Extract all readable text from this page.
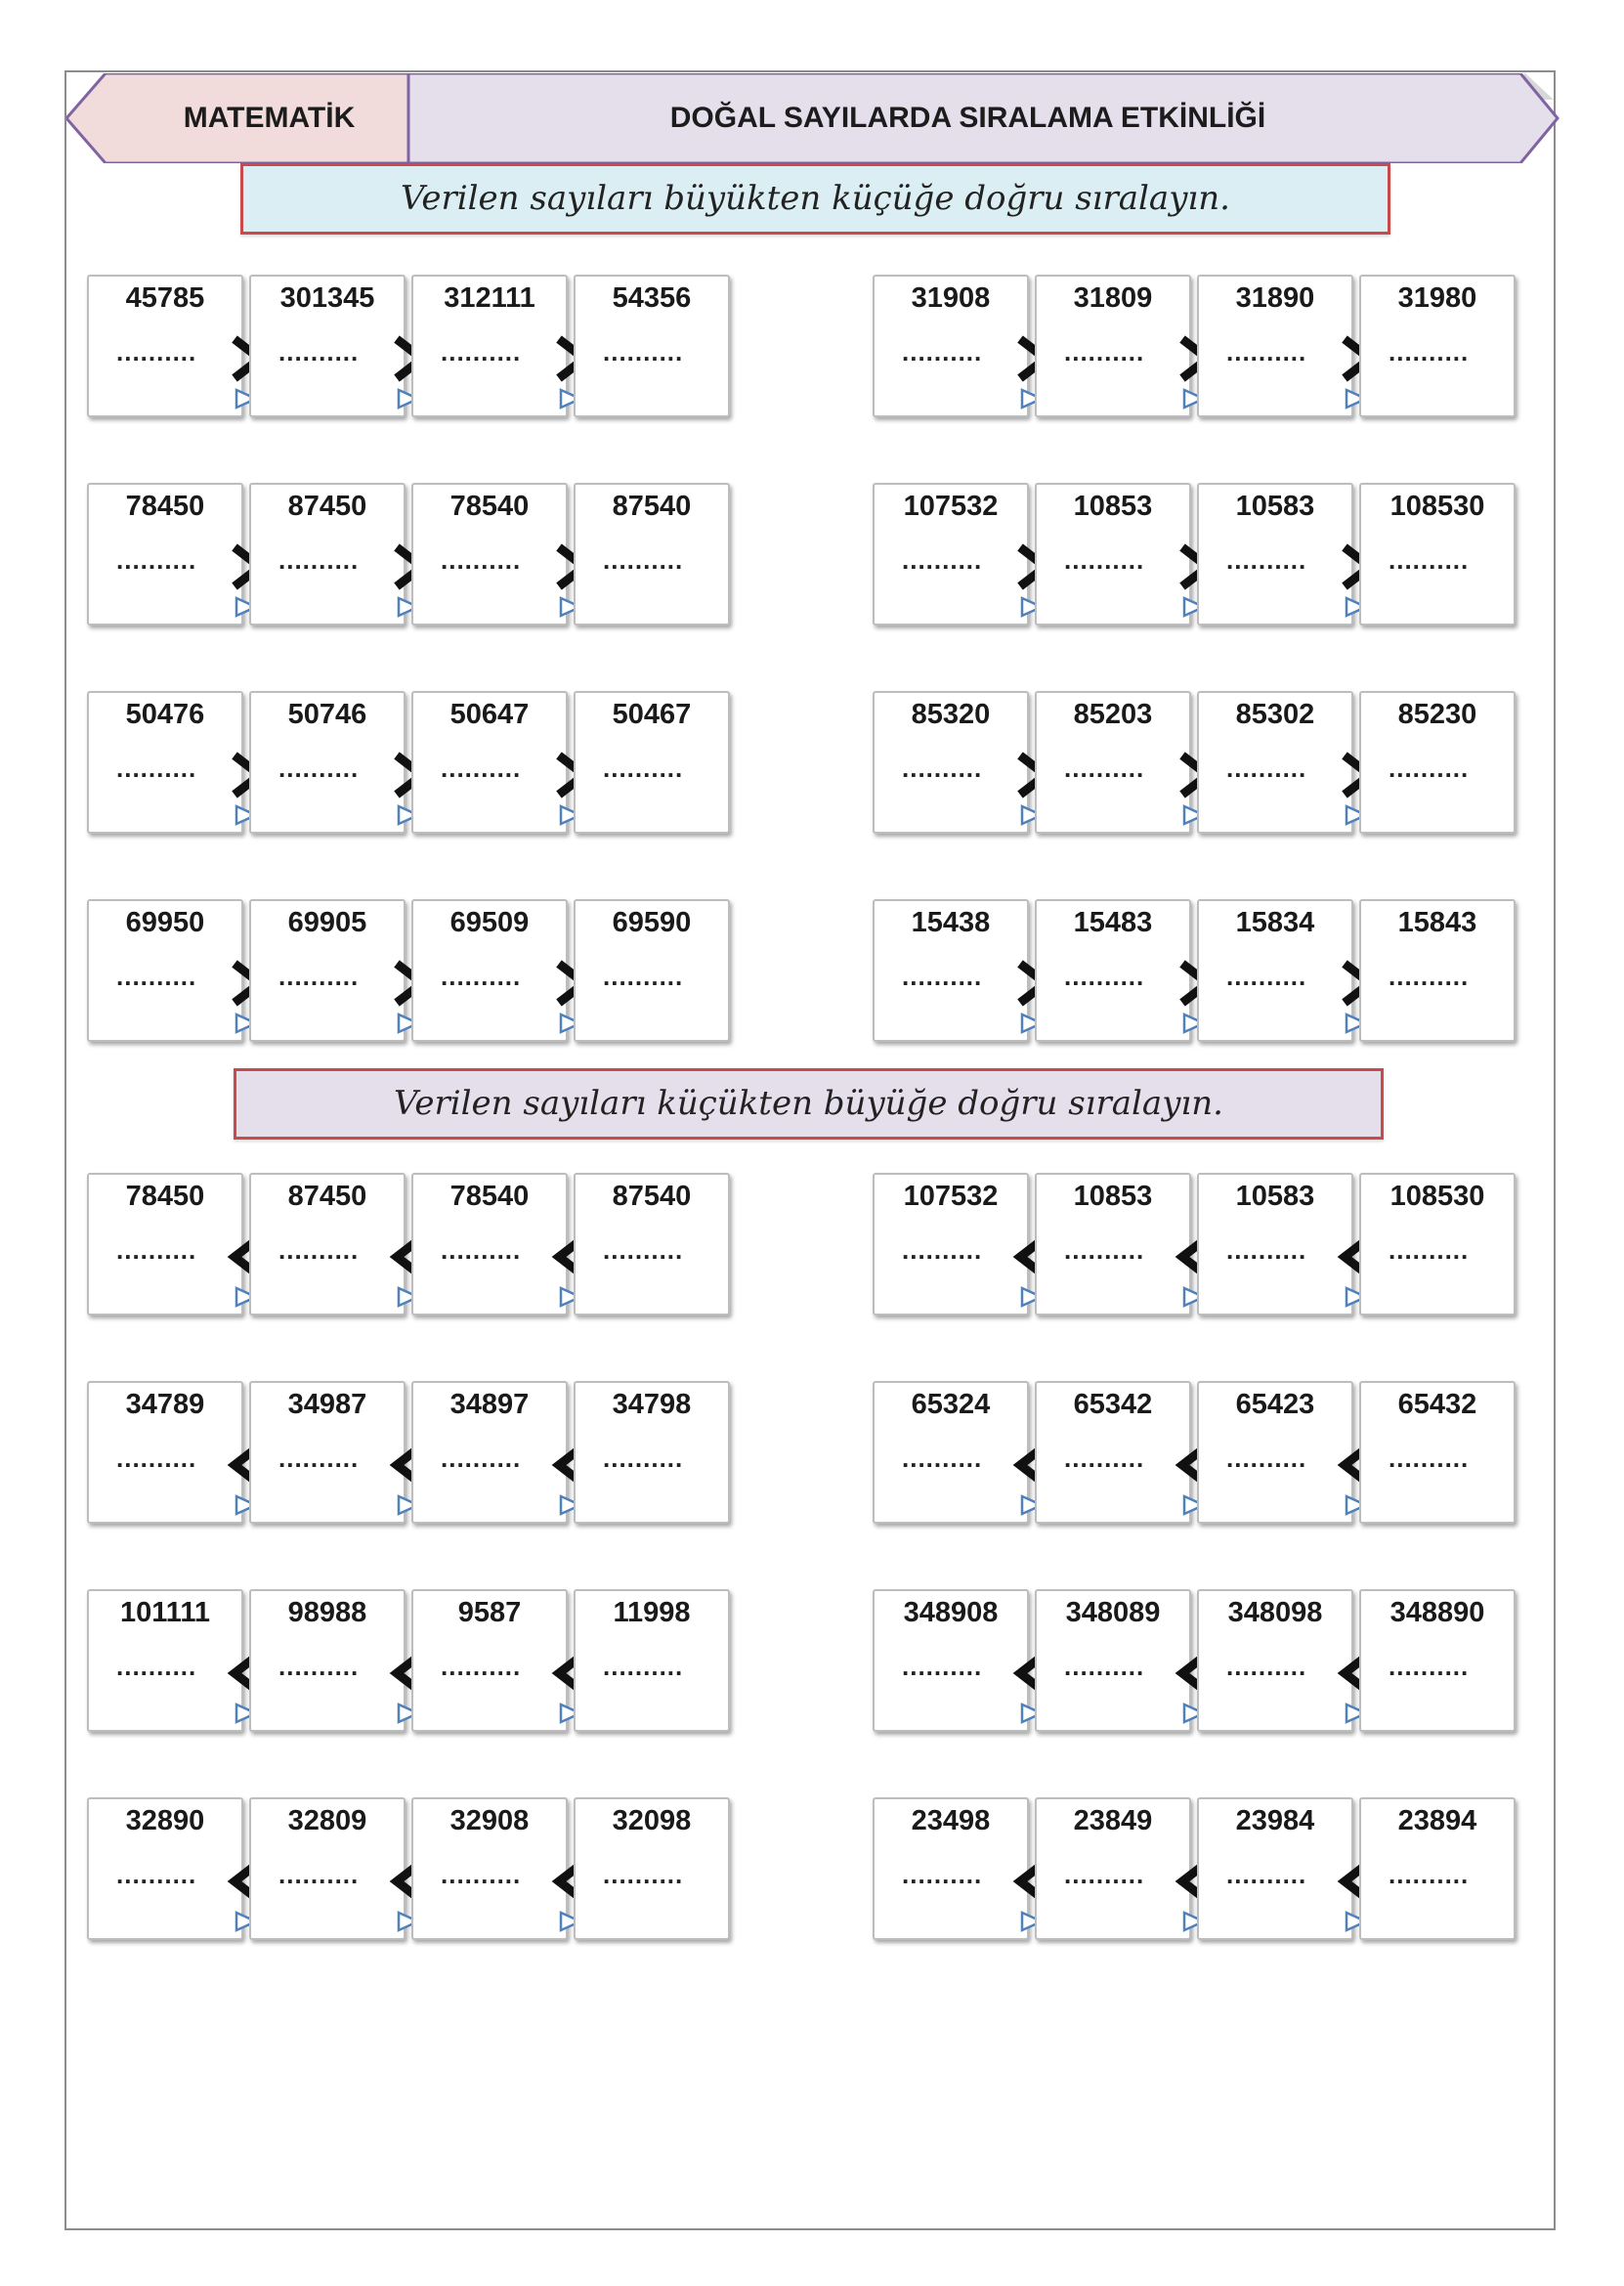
MATEMATİK	DOĞAL SAYILARDA SIRALAMA ETKİNLİĞİ
Verilen sayıları büyükten küçüğe doğru sıralayın.
Verilen sayıları küçükten büyüğe doğru sıralayın.
45785
..........
301345
..........
312111
..........
54356
..........
31908
..........
31809
..........
31890
..........
31980
..........
78450
..........
87450
..........
78540
..........
87540
..........
107532
..........
10853
..........
10583
..........
108530
..........
50476
..........
50746
..........
50647
..........
50467
..........
85320
..........
85203
..........
85302
..........
85230
..........
69950
..........
69905
..........
69509
..........
69590
..........
15438
..........
15483
..........
15834
..........
15843
..........
78450
..........
87450
..........
78540
..........
87540
..........
107532
..........
10853
..........
10583
..........
108530
..........
34789
..........
34987
..........
34897
..........
34798
..........
65324
..........
65342
..........
65423
..........
65432
..........
101111
..........
98988
..........
9587
..........
11998
..........
348908
..........
348089
..........
348098
..........
348890
..........
32890
..........
32809
..........
32908
..........
32098
..........
23498
..........
23849
..........
23984
..........
23894
..........
